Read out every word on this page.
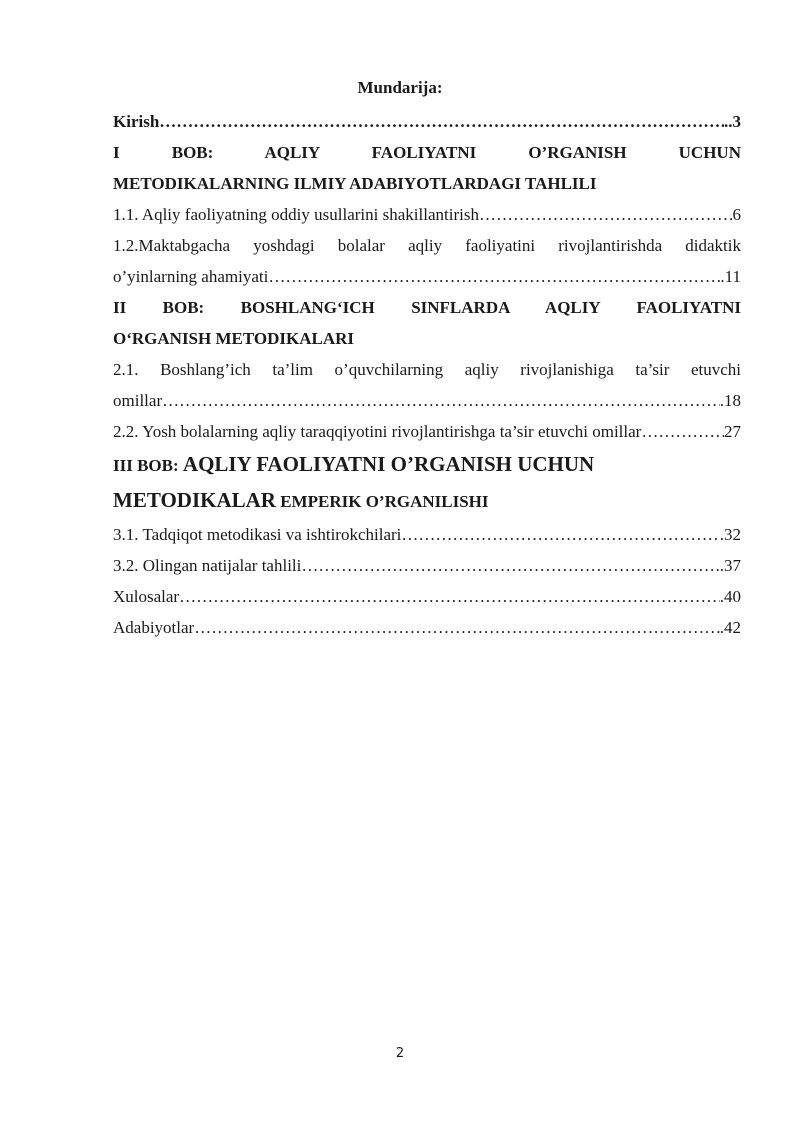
Mundarija:
Kirish ……………………………………………………………………………………………………………………………………………………………………………………	..3
I BOB: AQLIY FAOLIYATNI O’RGANISH UCHUN
METODIKALARNING ILMIY ADABIYOTLARDAGI TAHLILI
1.1. Aqliy faoliyatning oddiy usullarini shakillantirish ……………………………………………………………………………………………………………………………………………………………………………………	6
1.2.Maktabgacha yoshdagi bolalar aqliy faoliyatini rivojlantirishda didaktik
o’yinlarning ahamiyati ……………………………………………………………………………………………………………………………………………………………………………………	.11
II BOB: BOSHLANG‘ICH SINFLARDA AQLIY FAOLIYATNI
O‘RGANISH METODIKALARI
2.1. Boshlang’ich ta’lim o’quvchilarning aqliy rivojlanishiga ta’sir etuvchi
omillar ……………………………………………………………………………………………………………………………………………………………………………………	.18
2.2. Yosh bolalarning aqliy taraqqiyotini rivojlantirishga ta’sir etuvchi omillar ……………………………………………………………………………………………………………………………………………………………………………………	27
III BOB: AQLIY FAOLIYATNI O’RGANISH UCHUN
METODIKALAR EMPERIK O’RGANILISHI
3.1. Tadqiqot metodikasi va ishtirokchilari ……………………………………………………………………………………………………………………………………………………………………………………	.32
3.2. Olingan natijalar tahlili ……………………………………………………………………………………………………………………………………………………………………………………	..37
Xulosalar ……………………………………………………………………………………………………………………………………………………………………………………	.40
Adabiyotlar ……………………………………………………………………………………………………………………………………………………………………………………	.42
2
